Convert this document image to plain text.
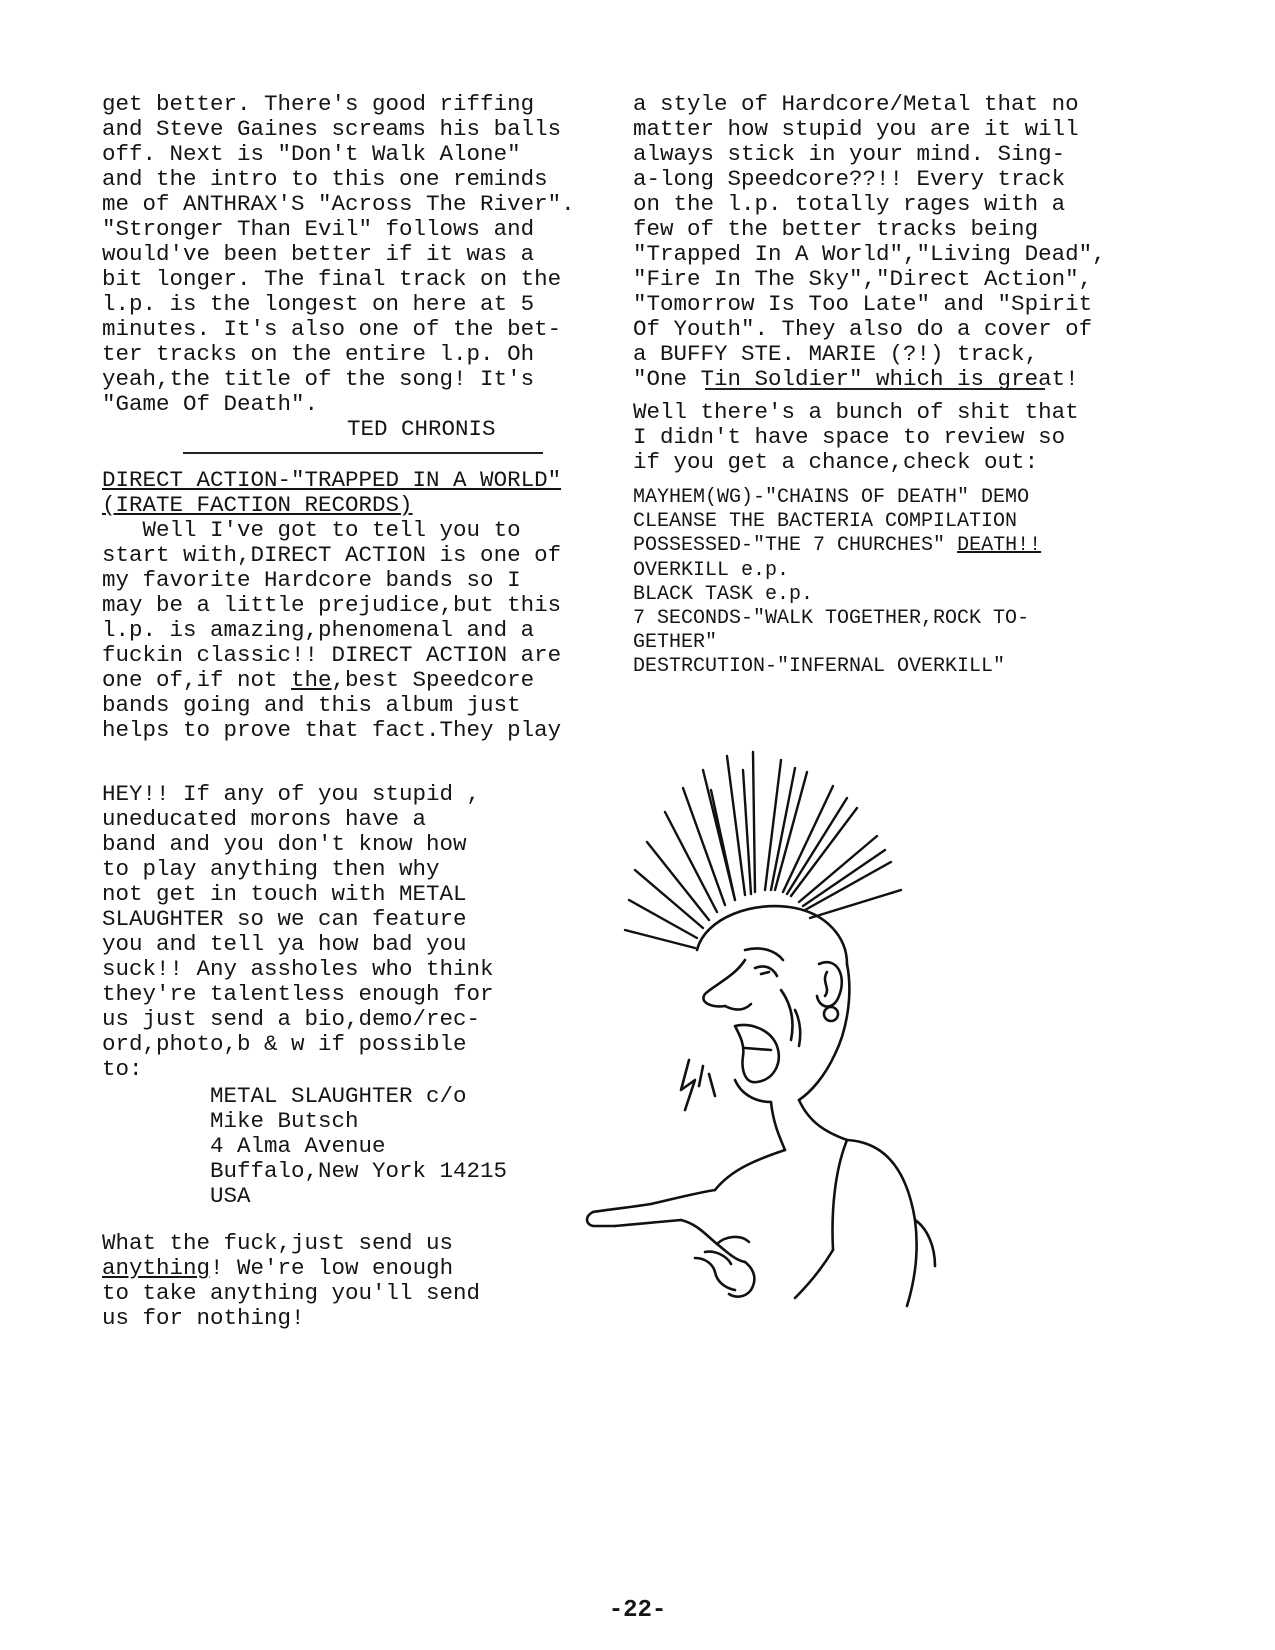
get better. There's good riffing
and Steve Gaines screams his balls
off. Next is "Don't Walk Alone"
and the intro to this one reminds
me of ANTHRAX'S "Across The River".
"Stronger Than Evil" follows and
would've been better if it was a
bit longer. The final track on the
l.p. is the longest on here at 5
minutes. It's also one of the bet-
ter tracks on the entire l.p. Oh
yeah,the title of the song! It's
"Game Of Death".
TED CHRONIS
DIRECT ACTION-"TRAPPED IN A WORLD"
(IRATE FACTION RECORDS)
Well I've got to tell you to
start with,DIRECT ACTION is one of
my favorite Hardcore bands so I
may be a little prejudice,but this
l.p. is amazing,phenomenal and a
fuckin classic!! DIRECT ACTION are
one of,if not the,best Speedcore
bands going and this album just
helps to prove that fact.They play
HEY!! If any of you stupid ,
uneducated morons have a
band and you don't know how
to play anything then why
not get in touch with METAL
SLAUGHTER so we can feature
you and tell ya how bad you
suck!! Any assholes who think
they're talentless enough for
us just send a bio,demo/rec-
ord,photo,b & w if possible
to:
METAL SLAUGHTER c/o
Mike Butsch
4 Alma Avenue
Buffalo,New York 14215
USA
What the fuck,just send us
anything! We're low enough
to take anything you'll send
us for nothing!
a style of Hardcore/Metal that no
matter how stupid you are it will
always stick in your mind. Sing-
a-long Speedcore??!! Every track
on the l.p. totally rages with a
few of the better tracks being
"Trapped In A World","Living Dead",
"Fire In The Sky","Direct Action",
"Tomorrow Is Too Late" and "Spirit
Of Youth". They also do a cover of
a BUFFY STE. MARIE (?!) track,
"One Tin Soldier" which is great!
Well there's a bunch of shit that
I didn't have space to review so
if you get a chance,check out:
MAYHEM(WG)-"CHAINS OF DEATH" DEMO
CLEANSE THE BACTERIA COMPILATION
POSSESSED-"THE 7 CHURCHES" DEATH!!
OVERKILL e.p.
BLACK TASK e.p.
7 SECONDS-"WALK TOGETHER,ROCK TO-
GETHER"
DESTRCUTION-"INFERNAL OVERKILL"
-22-
